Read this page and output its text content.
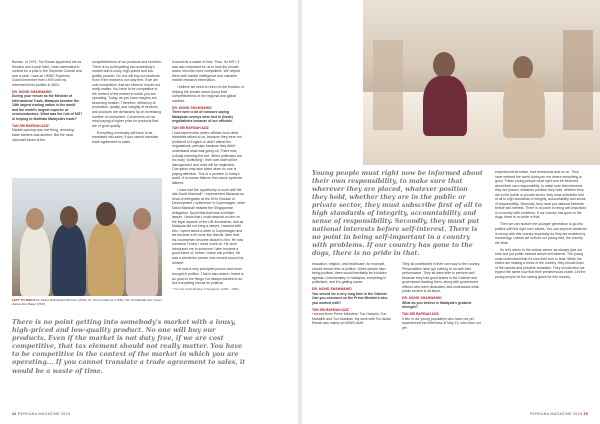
Bureau. In 1974, Tun Razak appointed me as Senator and a year later, I was nominated to contest for a post in the Supreme Council and won a seat. I was an UMNO Supreme Council member from 1975 until my retirement from politics in 2003.

DR. MOHD SHAHWAHID

During your tenure as the Minister of International Trade, Malaysia became the 18th largest trading nation in the world and the world's largest exporter of semiconductors. What was the role of MITI in helping to facilitate Malaysia's trade?

TAN SRI RAFIDAH AZIZ

Market opening was one thing, removing trade barriers was another. But the most important factor is the

competitiveness of our products and services. There is no point getting into somebody's market with a lousy, high-priced and low-quality product. No one will buy our products. Even if the market is not duty free, if we are cost competitive, that tax element should not really matter. You have to be competitive in the context of the market in which you are operating. Today, as you have margins are becoming smaller. Therefore, efficiency of production, quality, and integrity of services and products are demanded by an increasing number of consumers. Consumers do not mind paying a higher price for products that are of good quality.

Everything eventually will have to be translated into sales. If you cannot translate trade agreement to sales,

it would be a waste of time. Thus, for MITI, it was also important for us to help the private sector become more competitive. We helped them with market intelligence and valuable market research information.

I believe we need to return to the function of helping the private sector boost their competitiveness in the regional and global markets.

DR. MOHD SHAHWAHID

There were a lot of rumours saying Malaysian envoys were lost in (trade) negotiations because of our officials.

TAN SRI RAFIDAH AZIZ

I had experiences where officials from other ministries talked to us, because they were not proficient in English or didn't attend the negotiations, perhaps because they didn't understand what was going on. There was nobody manning the fort. When politicians are too busy "politicking", their own staff will be disorganised, and work will be neglected. Corruption may take place when no one is paying attention. This is a problem in today's world. It is human failures that cause systemic failures.

I once had the opportunity to work with the late David Marshall*. I represented Malaysia as head of delegation at the UN's Decade of Development Conference in Copenhagen, while David Marshall headed the Singaporean delegation. David Marshall was a brilliant lawyer. I knew that I could depend on him on the legal aspects of the UN documents, and as Malaysia did not bring a lawyer, I worked with him. I spent about a week in Copenhagen and we became a bit more like friends. After that, his countrymen became distant to him. He was someone I knew I could count on. He once introduced me to someone I later became a good friend of, before I came into politics. He was a wonderful person who moved around by himself.

He was a very principled person and never brought in politics. That is also where I learnt to do good in the things I've always wanted to do. Not everything should be political.

* The first Chief Minister of Singapore (1955 – 1956)
LEFT TO RIGHT Dr. Mohd Shahwahid Othman (UPM), Dr. Norma Mansor (UPM), Tan Sri Rafidah Aziz, Puan Zarina Abu Bakar (PSP)
There is no point getting into somebody's market with a lousy, high-priced and low-quality product. No one will buy our products. Even if the market is not duty free, if we are cost competitive, that tax element should not really matter. You have to be competitive in the context of the market in which you are operating... If you cannot translate a trade agreement to sales, it would be a waste of time.
34 PERDANA MAGAZINE 2018
Young people must right now be informed about their own responsibility, to make sure that wherever they are placed, whatever position they hold, whether they are in the public or private sector, they must subscribe first of all to high standards of integrity, accountability and sense of responsibility. Secondly, they must put national interests before self-interest. There is no point in being self-important in a country with problems. If our country has gone to the dogs, there is no pride in that.

education, religion, and healthcare, for example, should remain free of politics. When people start being political, there would inevitably be a hidden agenda. Unfortunately, in Malaysia, everything is politicised, and it is getting worse.

DR. MOHD SHAHWAHID

You served for a very long time in the Cabinet. Can you comment on the Prime Ministers who you worked with?

TAN SRI RAFIDAH AZIZ

I served three Prime Ministers: Tun Hussein, Tun Mahathir and Tun Abdullah. My work with Tun Abdul Razak was mainly at UMNO-level.

They all contributed in their own way to the country. Personalities have got nothing to do with their performance. They all were able to perform well because they had good teams in the Cabinet and government backing them, along with government officers who were dedicated, and understood what public service is all about.

DR. MOHD SHAHWAHID

What do you believe is Malaysia's greatest strength?

TAN SRI RAFIDAH AZIZ

It lies in our young population who have not yet experienced the bitterness of May 13, who have not yet

experienced terrorism, bad recessions and so on. They have entered the world during an era where everything is good. These young people must right now be informed about their own responsibility, to make sure that wherever they are placed, whatever position they hold, whether they are in the public or private sector, they must subscribe first of all to high standards of integrity, accountability and sense of responsibility. Secondly, they must put national interests before self-interest. There is no point in being self-important in a country with problems. If our country has gone to the dogs, there is no pride in that.

Then we can nurture the younger generation to go into politics with the right core values. You can improve whatever is wrong with this country especially as they are enabled by technology. Unless we nurture our young well, the country will slide.

So let's return to the culture where we always give our best and put public interest above self-interest. The young must understand that it's now their turn to lead. While the elders are making a mess of the country, they should learn of the causes and possible remedies. They should also not expect the same now that their predecessors made. Let the young people be the saving grace for this country.

PERDANA MAGAZINE 2018 35
